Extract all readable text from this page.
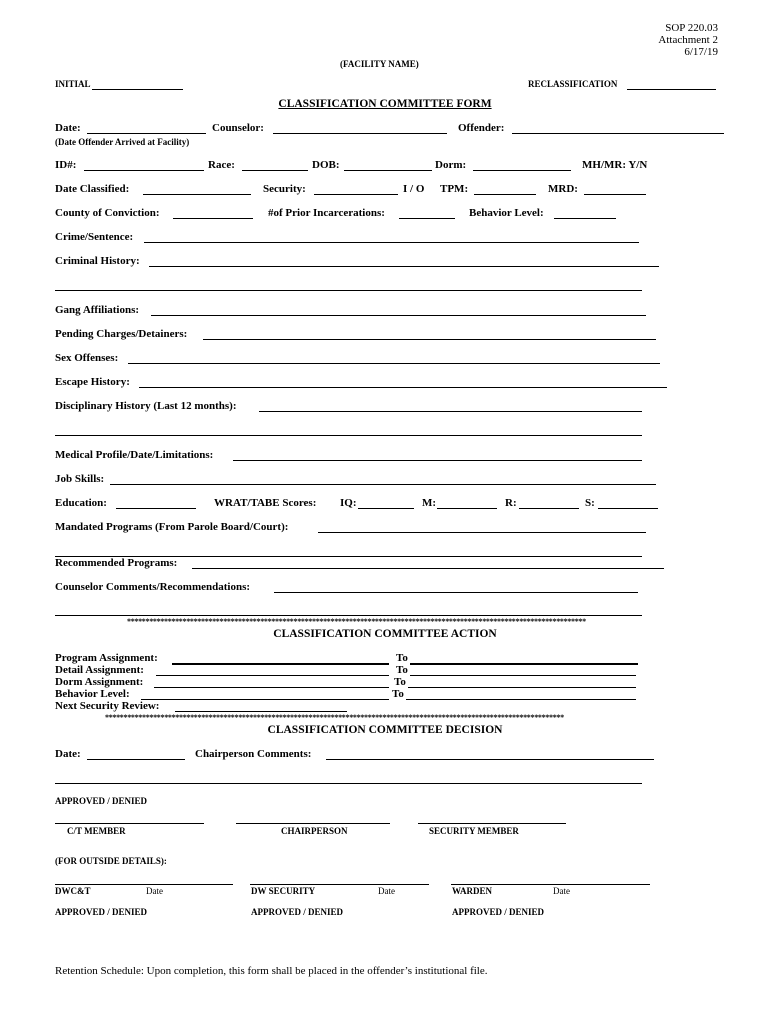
SOP 220.03
Attachment 2
6/17/19
(FACILITY NAME)
INITIAL	RECLASSIFICATION
CLASSIFICATION COMMITTEE FORM
Date:	Counselor:	Offender:
(Date Offender Arrived at Facility)
ID#:	Race:	DOB:	Dorm:	MH/MR: Y/N
Date Classified:	Security:	I / O TPM:	MRD:
County of Conviction:	#of Prior Incarcerations:	Behavior Level:
Crime/Sentence:
Criminal History:
Gang Affiliations:
Pending Charges/Detainers:
Sex Offenses:
Escape History:
Disciplinary History (Last 12 months):
Medical Profile/Date/Limitations:
Job Skills:
Education:	WRAT/TABE Scores: IQ:	M:	R:	S:
Mandated Programs (From Parole Board/Court):
Recommended Programs:
Counselor Comments/Recommendations:
****************************************************************************************************************************
CLASSIFICATION COMMITTEE ACTION
Program Assignment:	To
Detail Assignment:	To
Dorm Assignment:	To
Behavior Level:	To
Next Security Review:
****************************************************************************************************************************
CLASSIFICATION COMMITTEE DECISION
Date:	Chairperson Comments:
APPROVED / DENIED
C/T MEMBER	CHAIRPERSON	SECURITY MEMBER
(FOR OUTSIDE DETAILS):
DWC&T	Date	DW SECURITY	Date	WARDEN	Date
APPROVED / DENIED	APPROVED / DENIED	APPROVED / DENIED
Retention Schedule: Upon completion, this form shall be placed in the offender’s institutional file.
